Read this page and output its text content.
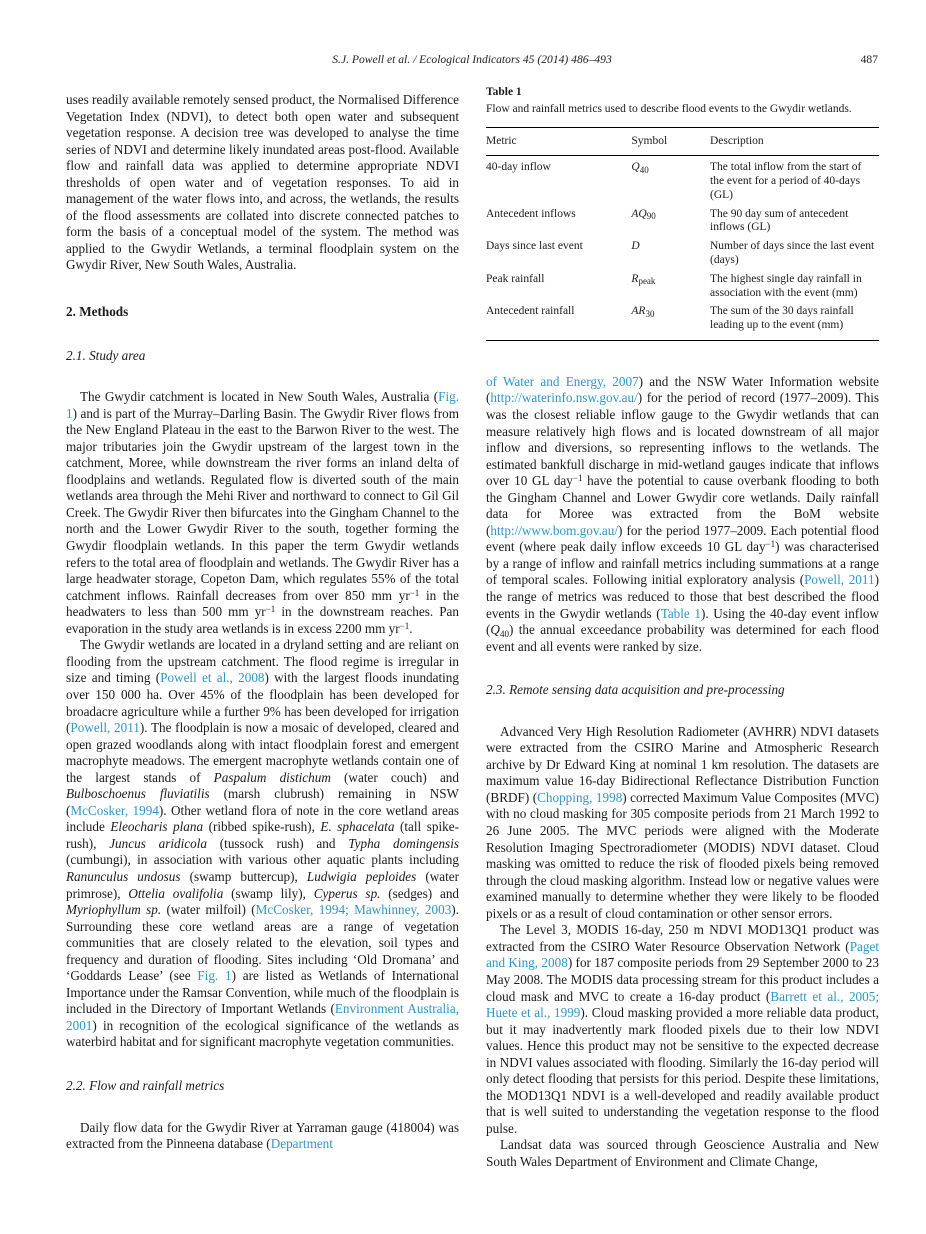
S.J. Powell et al. / Ecological Indicators 45 (2014) 486–493	487

uses readily available remotely sensed product, the Normalised Difference Vegetation Index (NDVI), to detect both open water and subsequent vegetation response. A decision tree was developed to analyse the time series of NDVI and determine likely inundated areas post-flood. Available flow and rainfall data was applied to determine appropriate NDVI thresholds of open water and of vegetation responses. To aid in management of the water flows into, and across, the wetlands, the results of the flood assessments are collated into discrete connected patches to form the basis of a conceptual model of the system. The method was applied to the Gwydir Wetlands, a terminal floodplain system on the Gwydir River, New South Wales, Australia.

2. Methods
2.1. Study area

The Gwydir catchment is located in New South Wales, Australia (Fig. 1) and is part of the Murray–Darling Basin. The Gwydir River flows from the New England Plateau in the east to the Barwon River to the west. The major tributaries join the Gwydir upstream of the largest town in the catchment, Moree, while downstream the river forms an inland delta of floodplains and wetlands. Regulated flow is diverted south of the main wetlands area through the Mehi River and northward to connect to Gil Gil Creek. The Gwydir River then bifurcates into the Gingham Channel to the north and the Lower Gwydir River to the south, together forming the Gwydir floodplain wetlands. In this paper the term Gwydir wetlands refers to the total area of floodplain and wetlands. The Gwydir River has a large headwater storage, Copeton Dam, which regulates 55% of the total catchment inflows. Rainfall decreases from over 850 mm $yr^{-1}$ in the headwaters to less than 500 mm $yr^{-1}$ in the downstream reaches. Pan evaporation in the study area wetlands is in excess 2200 mm $yr^{-1}$.

The Gwydir wetlands are located in a dryland setting and are reliant on flooding from the upstream catchment. The flood regime is irregular in size and timing (Powell et al., 2008) with the largest floods inundating over 150 000 ha. Over 45% of the floodplain has been developed for broadacre agriculture while a further 9% has been developed for irrigation (Powell, 2011). The floodplain is now a mosaic of developed, cleared and open grazed woodlands along with intact floodplain forest and emergent macrophyte meadows. The emergent macrophyte wetlands contain one of the largest stands of Paspalum distichum (water couch) and Bulboschoenus fluviatilis (marsh clubrush) remaining in NSW (McCosker, 1994). Other wetland flora of note in the core wetland areas include Eleocharis plana (ribbed spike-rush), E. sphacelata (tall spike-rush), Juncus aridicola (tussock rush) and Typha domingensis (cumbungi), in association with various other aquatic plants including Ranunculus undosus (swamp buttercup), Ludwigia peploides (water primrose), Ottelia ovalifolia (swamp lily), Cyperus sp. (sedges) and Myriophyllum sp. (water milfoil) (McCosker, 1994; Mawhinney, 2003). Surrounding these core wetland areas are a range of vegetation communities that are closely related to the elevation, soil types and frequency and duration of flooding. Sites including ‘Old Dromana’ and ‘Goddards Lease’ (see Fig. 1) are listed as Wetlands of International Importance under the Ramsar Convention, while much of the floodplain is included in the Directory of Important Wetlands (Environment Australia, 2001) in recognition of the ecological significance of the wetlands as waterbird habitat and for significant macrophyte vegetation communities.

2.2. Flow and rainfall metrics

Daily flow data for the Gwydir River at Yarraman gauge (418004) was extracted from the Pinneena database (Department

Table 1

Flow and rainfall metrics used to describe flood events to the Gwydir wetlands.

Metric	Symbol	Description
40-day inflow	$Q_{40}$	The total inflow from the start of the event for a period of 40-days (GL)
Antecedent inflows	$AQ_{90}$	The 90 day sum of antecedent inflows (GL)
Days since last event	D	Number of days since the last event (days)
Peak rainfall	$R_{peak}$	The highest single day rainfall in association with the event (mm)
Antecedent rainfall	$AR_{30}$	The sum of the 30 days rainfall leading up to the event (mm)

of Water and Energy, 2007) and the NSW Water Information website (http://waterinfo.nsw.gov.au/) for the period of record (1977–2009). This was the closest reliable inflow gauge to the Gwydir wetlands that can measure relatively high flows and is located downstream of all major inflow and diversions, so representing inflows to the wetlands. The estimated bankfull discharge in mid-wetland gauges indicate that inflows over 10 GL day$^{-1}$ have the potential to cause overbank flooding to both the Gingham Channel and Lower Gwydir core wetlands. Daily rainfall data for Moree was extracted from the BoM website (http://www.bom.gov.au/) for the period 1977–2009. Each potential flood event (where peak daily inflow exceeds 10 GL day$^{-1}$) was characterised by a range of inflow and rainfall metrics including summations at a range of temporal scales. Following initial exploratory analysis (Powell, 2011) the range of metrics was reduced to those that best described the flood events in the Gwydir wetlands (Table 1). Using the 40-day event inflow (Q40) the annual exceedance probability was determined for each flood event and all events were ranked by size.

2.3. Remote sensing data acquisition and pre-processing

Advanced Very High Resolution Radiometer (AVHRR) NDVI datasets were extracted from the CSIRO Marine and Atmospheric Research archive by Dr Edward King at nominal 1 km resolution. The datasets are maximum value 16-day Bidirectional Reflectance Distribution Function (BRDF) (Chopping, 1998) corrected Maximum Value Composites (MVC) with no cloud masking for 305 composite periods from 21 March 1992 to 26 June 2005. The MVC periods were aligned with the Moderate Resolution Imaging Spectroradiometer (MODIS) NDVI dataset. Cloud masking was omitted to reduce the risk of flooded pixels being removed through the cloud masking algorithm. Instead low or negative values were examined manually to determine whether they were likely to be flooded pixels or as a result of cloud contamination or other sensor errors.

The Level 3, MODIS 16-day, 250 m NDVI MOD13Q1 product was extracted from the CSIRO Water Resource Observation Network (Paget and King, 2008) for 187 composite periods from 29 September 2000 to 23 May 2008. The MODIS data processing stream for this product includes a cloud mask and MVC to create a 16-day product (Barrett et al., 2005; Huete et al., 1999). Cloud masking provided a more reliable data product, but it may inadvertently mark flooded pixels due to their low NDVI values. Hence this product may not be sensitive to the expected decrease in NDVI values associated with flooding. Similarly the 16-day period will only detect flooding that persists for this period. Despite these limitations, the MOD13Q1 NDVI is a well-developed and readily available product that is well suited to understanding the vegetation response to the flood pulse.

Landsat data was sourced through Geoscience Australia and New South Wales Department of Environment and Climate Change,
